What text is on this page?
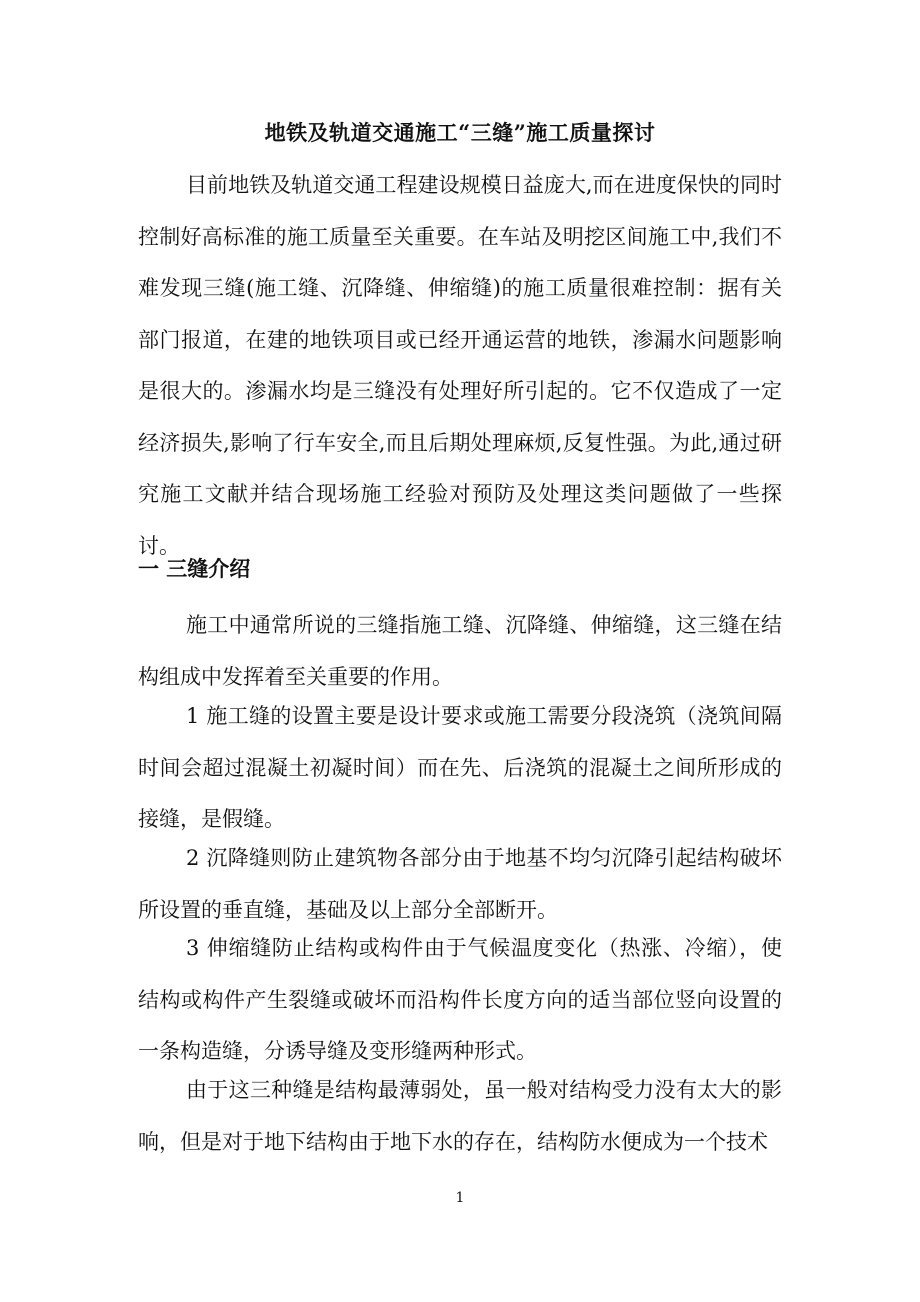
地铁及轨道交通施工“三缝”施工质量探讨
目前地铁及轨道交通工程建设规模日益庞大,而在进度保快的同时控制好高标准的施工质量至关重要。在车站及明挖区间施工中,我们不难发现三缝(施工缝、沉降缝、伸缩缝)的施工质量很难控制：据有关部门报道，在建的地铁项目或已经开通运营的地铁，渗漏水问题影响是很大的。渗漏水均是三缝没有处理好所引起的。它不仅造成了一定经济损失,影响了行车安全,而且后期处理麻烦,反复性强。为此,通过研究施工文献并结合现场施工经验对预防及处理这类问题做了一些探讨。
一 三缝介绍
施工中通常所说的三缝指施工缝、沉降缝、伸缩缝，这三缝在结构组成中发挥着至关重要的作用。
1 施工缝的设置主要是设计要求或施工需要分段浇筑（浇筑间隔时间会超过混凝土初凝时间）而在先、后浇筑的混凝土之间所形成的接缝，是假缝。
2 沉降缝则防止建筑物各部分由于地基不均匀沉降引起结构破坏所设置的垂直缝，基础及以上部分全部断开。
3 伸缩缝防止结构或构件由于气候温度变化（热涨、冷缩），使结构或构件产生裂缝或破坏而沿构件长度方向的适当部位竖向设置的一条构造缝，分诱导缝及变形缝两种形式。
由于这三种缝是结构最薄弱处，虽一般对结构受力没有太大的影响，但是对于地下结构由于地下水的存在，结构防水便成为一个技术
1
